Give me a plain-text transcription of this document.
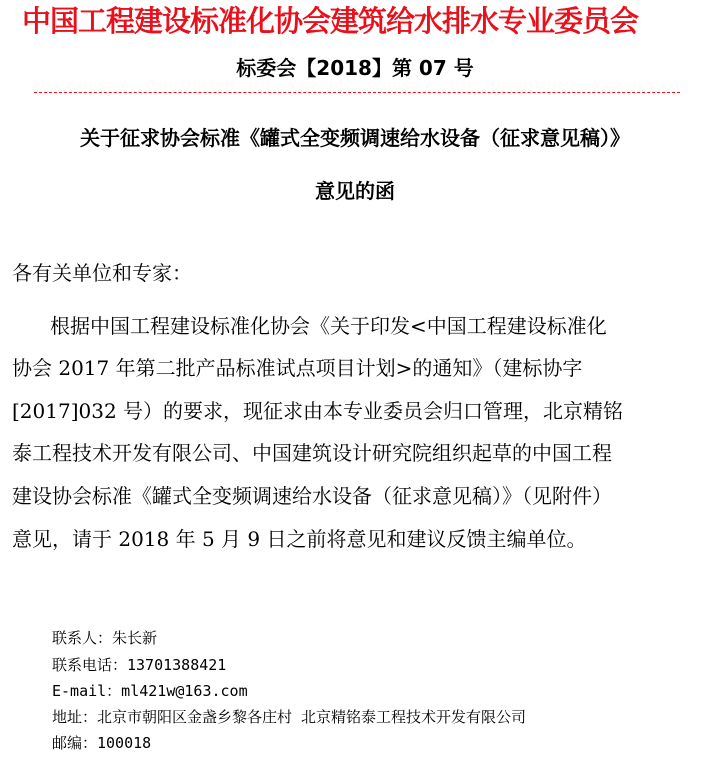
中国工程建设标准化协会建筑给水排水专业委员会
标委会【2018】第 07 号
关于征求协会标准《罐式全变频调速给水设备（征求意见稿）》
意见的函
各有关单位和专家：
根据中国工程建设标准化协会《关于印发<中国工程建设标准化
协会 2017 年第二批产品标准试点项目计划>的通知》（建标协字
[2017]032 号）的要求，现征求由本专业委员会归口管理，北京精铭
泰工程技术开发有限公司、中国建筑设计研究院组织起草的中国工程
建设协会标准《罐式全变频调速给水设备（征求意见稿）》（见附件）
意见，请于 2018 年 5 月 9 日之前将意见和建议反馈主编单位。
联系人：朱长新
联系电话：13701388421
E-mail：ml421w@163.com
地址：北京市朝阳区金盏乡黎各庄村 北京精铭泰工程技术开发有限公司
邮编：100018
